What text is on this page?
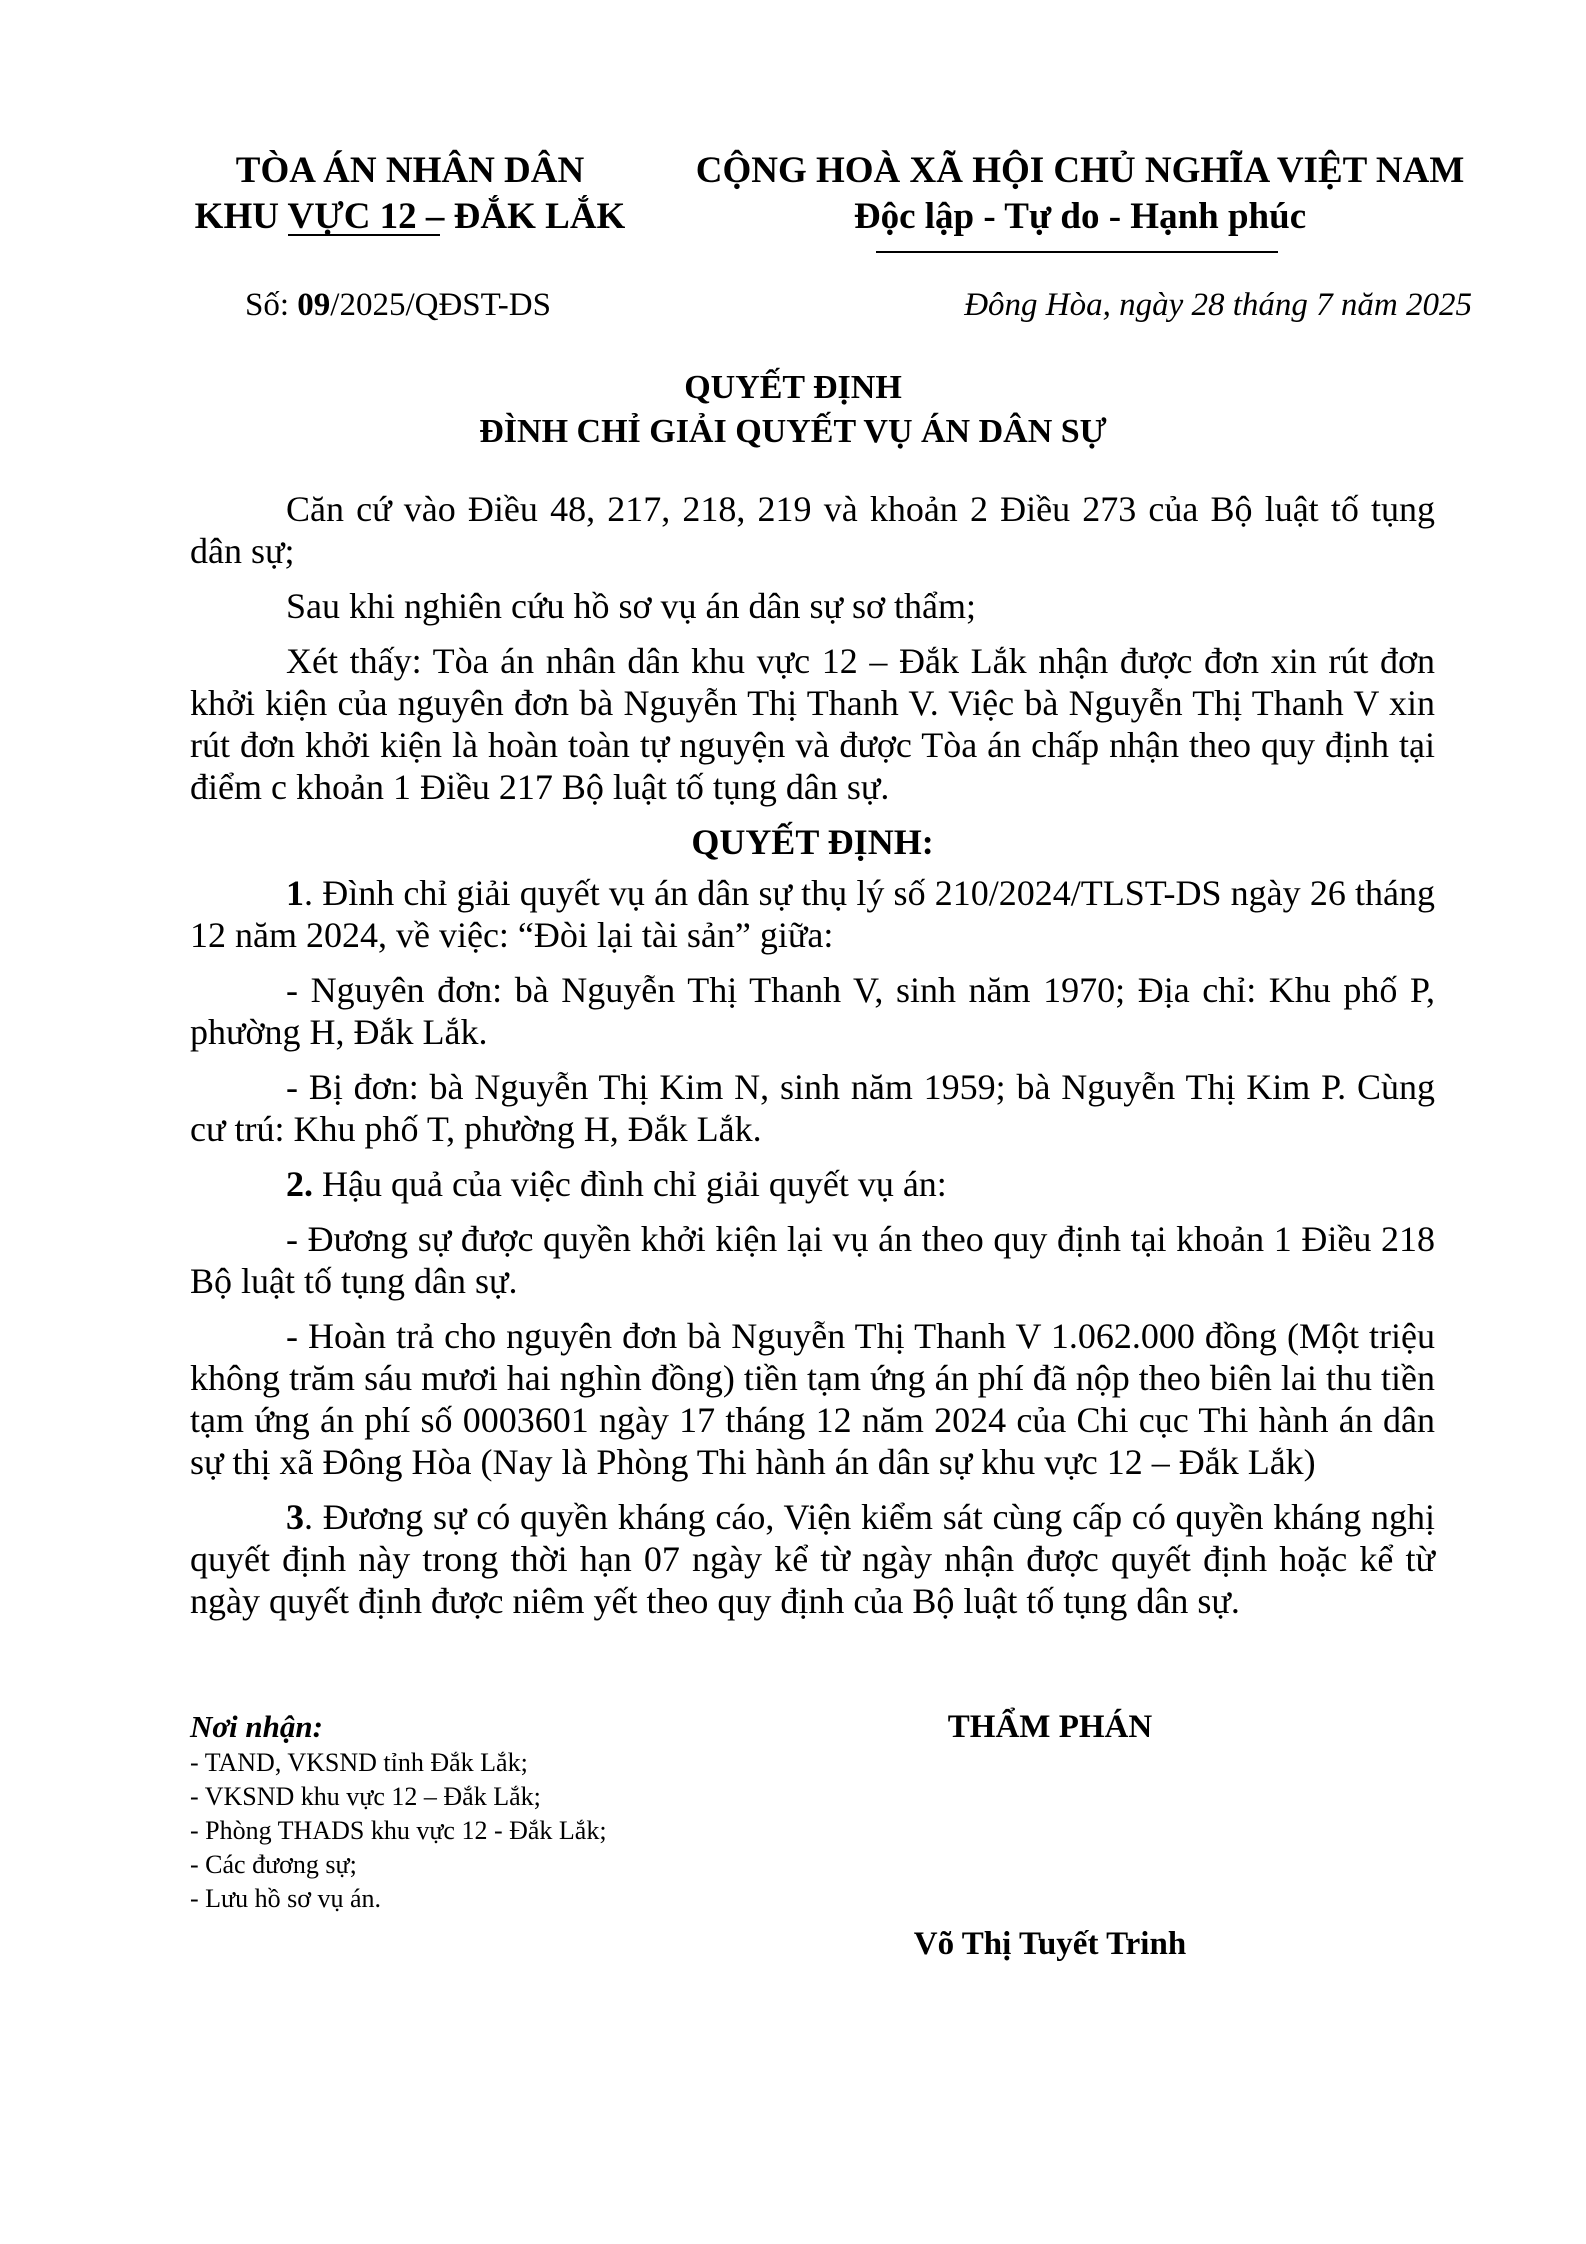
TÒA ÁN NHÂN DÂN
KHU VỰC 12 – ĐẮK LẮK
CỘNG HOÀ XÃ HỘI CHỦ NGHĨA VIỆT NAM
Độc lập - Tự do - Hạnh phúc
Số: 09/2025/QĐST-DS	Đông Hòa, ngày 28 tháng 7 năm 2025
QUYẾT ĐỊNH
ĐÌNH CHỈ GIẢI QUYẾT VỤ ÁN DÂN SỰ

Căn cứ vào Điều 48, 217, 218, 219 và khoản 2 Điều 273 của Bộ luật tố tụng dân sự;

Sau khi nghiên cứu hồ sơ vụ án dân sự sơ thẩm;

Xét thấy: Tòa án nhân dân khu vực 12 – Đắk Lắk nhận được đơn xin rút đơn khởi kiện của nguyên đơn bà Nguyễn Thị Thanh V. Việc bà Nguyễn Thị Thanh V xin rút đơn khởi kiện là hoàn toàn tự nguyện và được Tòa án chấp nhận theo quy định tại điểm c khoản 1 Điều 217 Bộ luật tố tụng dân sự.

QUYẾT ĐỊNH:

1. Đình chỉ giải quyết vụ án dân sự thụ lý số 210/2024/TLST-DS ngày 26 tháng 12 năm 2024, về việc: “Đòi lại tài sản” giữa:

- Nguyên đơn: bà Nguyễn Thị Thanh V, sinh năm 1970; Địa chỉ: Khu phố P, phường H, Đắk Lắk.

- Bị đơn: bà Nguyễn Thị Kim N, sinh năm 1959; bà Nguyễn Thị Kim P. Cùng cư trú: Khu phố T, phường H, Đắk Lắk.

2. Hậu quả của việc đình chỉ giải quyết vụ án:

- Đương sự được quyền khởi kiện lại vụ án theo quy định tại khoản 1 Điều 218 Bộ luật tố tụng dân sự.

- Hoàn trả cho nguyên đơn bà Nguyễn Thị Thanh V 1.062.000 đồng (Một triệu không trăm sáu mươi hai nghìn đồng) tiền tạm ứng án phí đã nộp theo biên lai thu tiền tạm ứng án phí số 0003601 ngày 17 tháng 12 năm 2024 của Chi cục Thi hành án dân sự thị xã Đông Hòa (Nay là Phòng Thi hành án dân sự khu vực 12 – Đắk Lắk)

3. Đương sự có quyền kháng cáo, Viện kiểm sát cùng cấp có quyền kháng nghị quyết định này trong thời hạn 07 ngày kể từ ngày nhận được quyết định hoặc kể từ ngày quyết định được niêm yết theo quy định của Bộ luật tố tụng dân sự.

Nơi nhận:
- TAND, VKSND tỉnh Đắk Lắk;
- VKSND khu vực 12 – Đắk Lắk;
- Phòng THADS khu vực 12 - Đắk Lắk;
- Các đương sự;
- Lưu hồ sơ vụ án.
THẨM PHÁN
Võ Thị Tuyết Trinh
